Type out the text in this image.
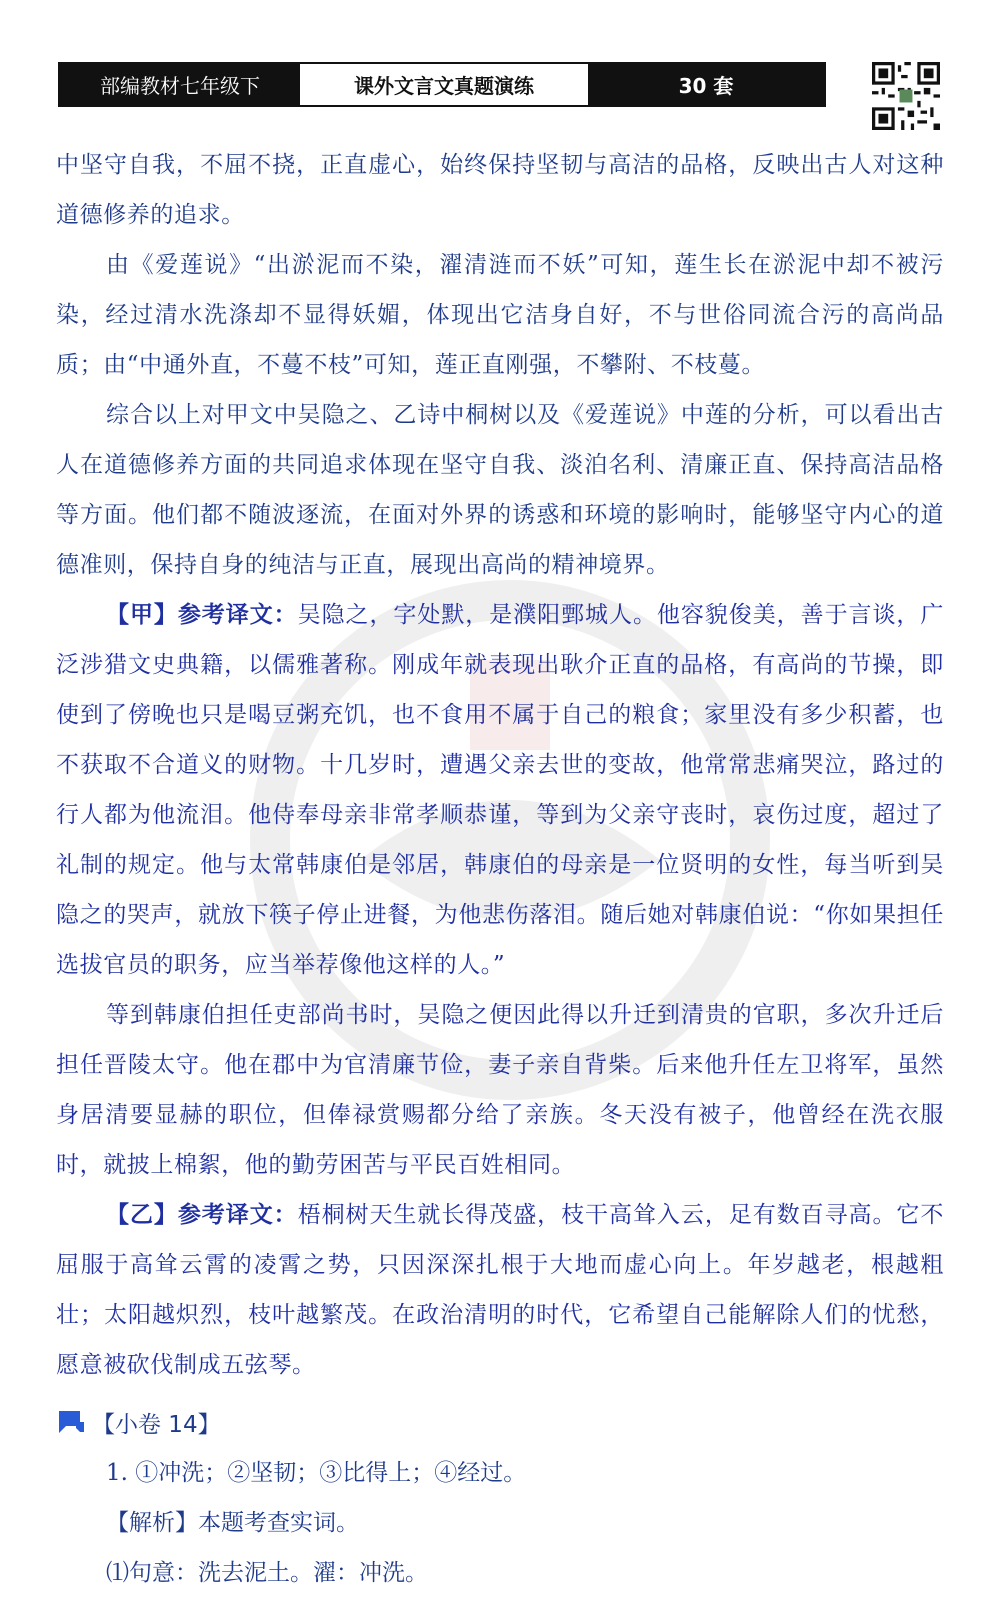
部编教材七年级下	课外文言文真题演练	30 套

中坚守自我，不屈不挠，正直虚心，始终保持坚韧与高洁的品格，反映出古人对这种道德修养的追求。

由《爱莲说》“出淤泥而不染，濯清涟而不妖”可知，莲生长在淤泥中却不被污染，经过清水洗涤却不显得妖媚，体现出它洁身自好，不与世俗同流合污的高尚品质；由“中通外直，不蔓不枝”可知，莲正直刚强，不攀附、不枝蔓。

综合以上对甲文中吴隐之、乙诗中桐树以及《爱莲说》中莲的分析，可以看出古人在道德修养方面的共同追求体现在坚守自我、淡泊名利、清廉正直、保持高洁品格等方面。他们都不随波逐流，在面对外界的诱惑和环境的影响时，能够坚守内心的道德准则，保持自身的纯洁与正直，展现出高尚的精神境界。

【甲】参考译文：吴隐之，字处默，是濮阳鄄城人。他容貌俊美，善于言谈，广泛涉猎文史典籍，以儒雅著称。刚成年就表现出耿介正直的品格，有高尚的节操，即使到了傍晚也只是喝豆粥充饥，也不食用不属于自己的粮食；家里没有多少积蓄，也不获取不合道义的财物。十几岁时，遭遇父亲去世的变故，他常常悲痛哭泣，路过的行人都为他流泪。他侍奉母亲非常孝顺恭谨，等到为父亲守丧时，哀伤过度，超过了礼制的规定。他与太常韩康伯是邻居，韩康伯的母亲是一位贤明的女性，每当听到吴隐之的哭声，就放下筷子停止进餐，为他悲伤落泪。随后她对韩康伯说：“你如果担任选拔官员的职务，应当举荐像他这样的人。”

等到韩康伯担任吏部尚书时，吴隐之便因此得以升迁到清贵的官职，多次升迁后担任晋陵太守。他在郡中为官清廉节俭，妻子亲自背柴。后来他升任左卫将军，虽然身居清要显赫的职位，但俸禄赏赐都分给了亲族。冬天没有被子，他曾经在洗衣服时，就披上棉絮，他的勤劳困苦与平民百姓相同。

【乙】参考译文：梧桐树天生就长得茂盛，枝干高耸入云，足有数百寻高。它不屈服于高耸云霄的凌霄之势，只因深深扎根于大地而虚心向上。年岁越老，根越粗壮；太阳越炽烈，枝叶越繁茂。在政治清明的时代，它希望自己能解除人们的忧愁，愿意被砍伐制成五弦琴。

【小卷 14】

1. ①冲洗；②坚韧；③比得上；④经过。

【解析】本题考查实词。

⑴句意：洗去泥土。濯：冲洗。
